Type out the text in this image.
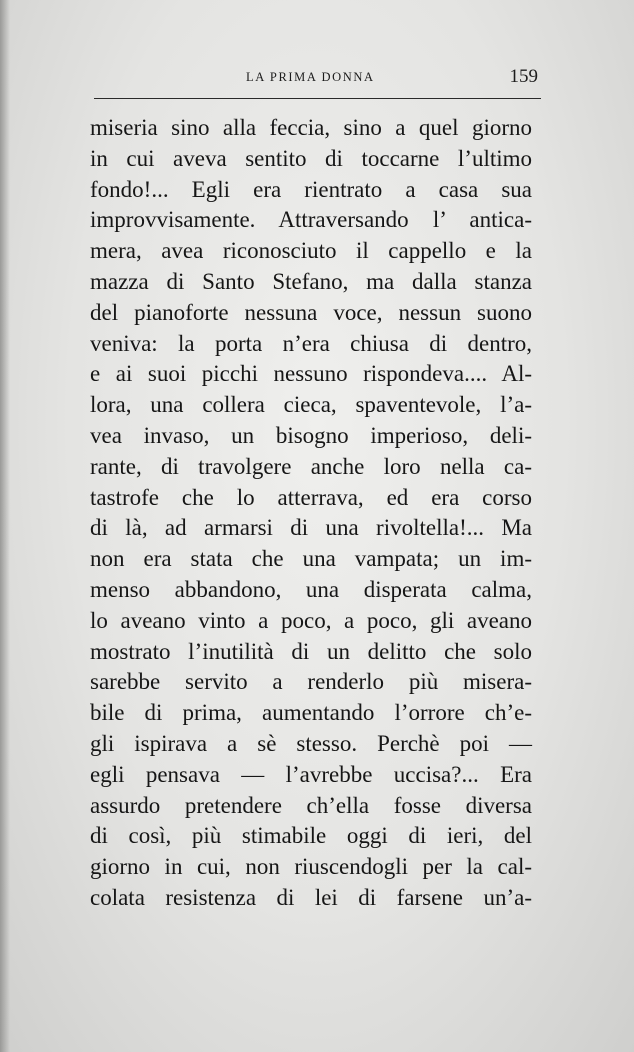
LA PRIMA DONNA	159
miseria sino alla feccia, sino a quel giorno
in cui aveva sentito di toccarne l’ultimo
fondo!... Egli era rientrato a casa sua
improvvisamente. Attraversando l’ antica-
mera, avea riconosciuto il cappello e la
mazza di Santo Stefano, ma dalla stanza
del pianoforte nessuna voce, nessun suono
veniva: la porta n’era chiusa di dentro,
e ai suoi picchi nessuno rispondeva.... Al-
lora, una collera cieca, spaventevole, l’a-
vea invaso, un bisogno imperioso, deli-
rante, di travolgere anche loro nella ca-
tastrofe che lo atterrava, ed era corso
di là, ad armarsi di una rivoltella!... Ma
non era stata che una vampata; un im-
menso abbandono, una disperata calma,
lo aveano vinto a poco, a poco, gli aveano
mostrato l’inutilità di un delitto che solo
sarebbe servito a renderlo più misera-
bile di prima, aumentando l’orrore ch’e-
gli ispirava a sè stesso. Perchè poi —
egli pensava — l’avrebbe uccisa?... Era
assurdo pretendere ch’ella fosse diversa
di così, più stimabile oggi di ieri, del
giorno in cui, non riuscendogli per la cal-
colata resistenza di lei di farsene un’a-
